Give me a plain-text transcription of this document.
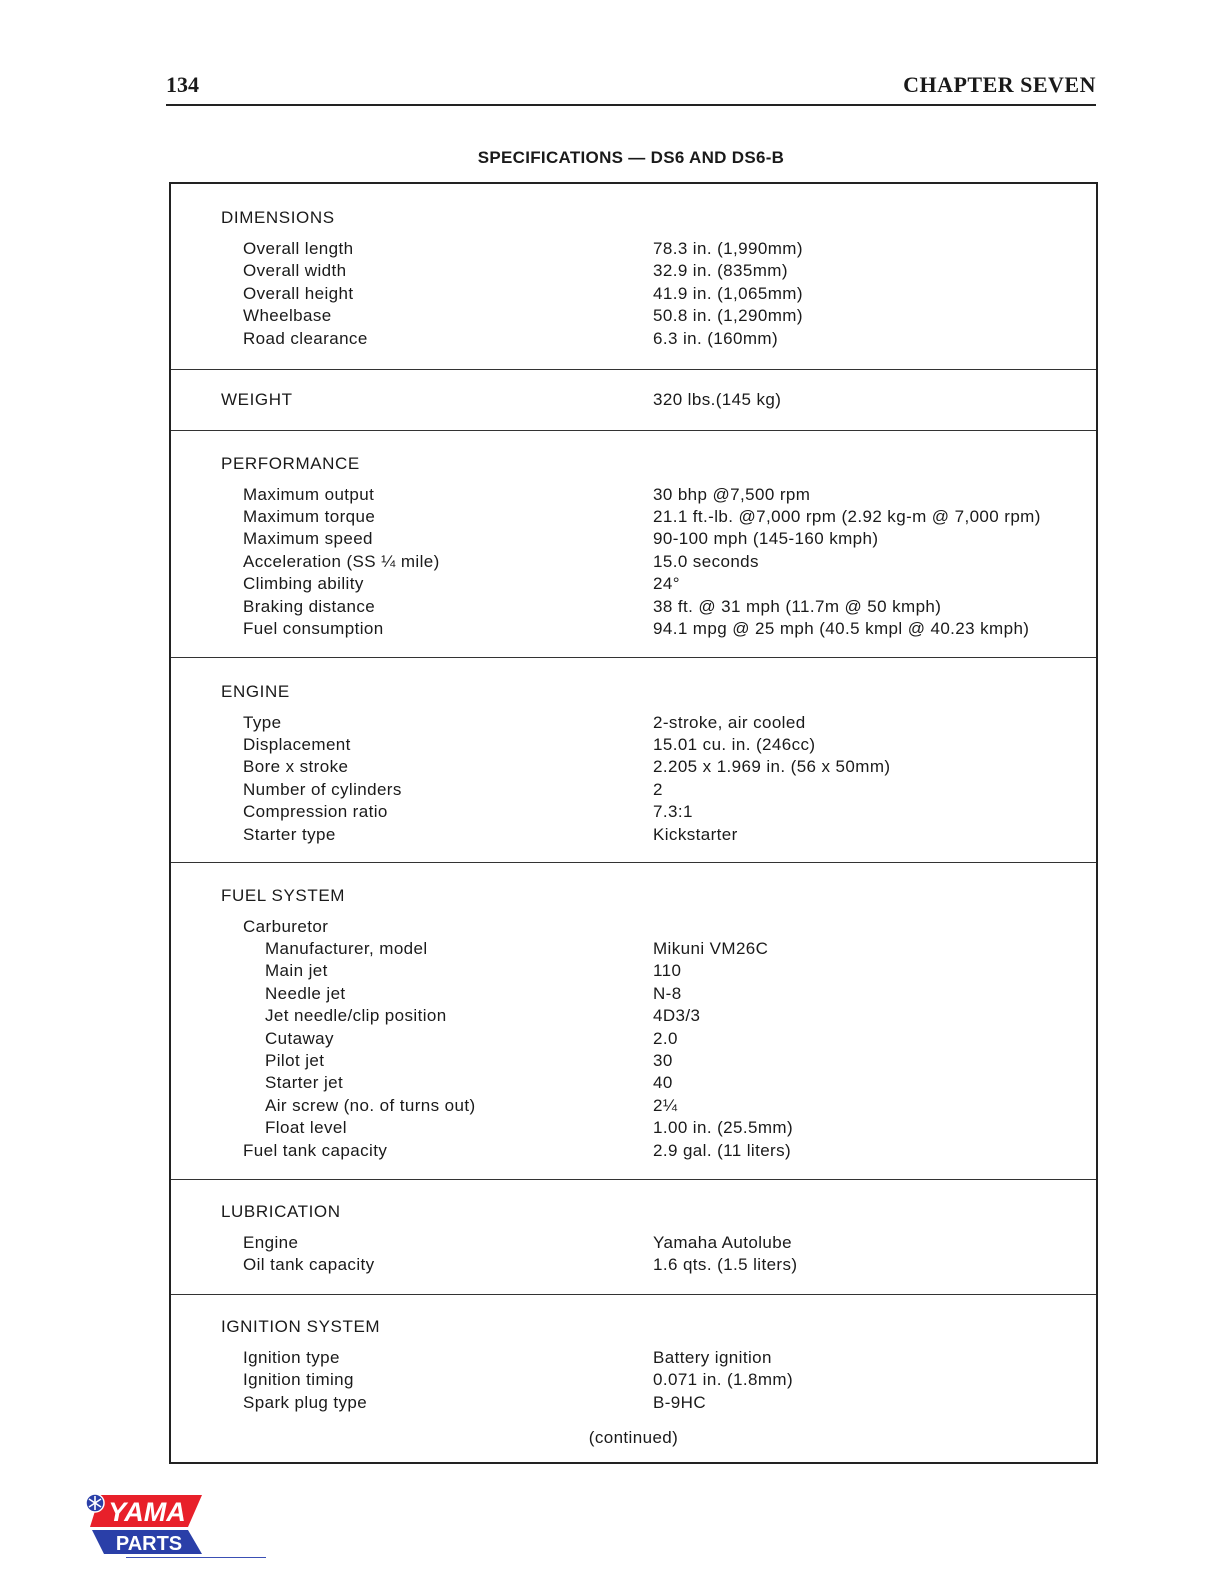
134	CHAPTER SEVEN
SPECIFICATIONS — DS6 AND DS6-B
DIMENSIONS
Overall length	78.3 in. (1,990mm)
Overall width	32.9 in. (835mm)
Overall height	41.9 in. (1,065mm)
Wheelbase	50.8 in. (1,290mm)
Road clearance	6.3 in. (160mm)
WEIGHT	320 lbs.(145 kg)
PERFORMANCE
Maximum output	30 bhp @7,500 rpm
Maximum torque	21.1 ft.-lb. @7,000 rpm (2.92 kg-m @ 7,000 rpm)
Maximum speed	90-100 mph (145-160 kmph)
Acceleration (SS ¼ mile)	15.0 seconds
Climbing ability	24°
Braking distance	38 ft. @ 31 mph (11.7m @ 50 kmph)
Fuel consumption	94.1 mpg @ 25 mph (40.5 kmpl @ 40.23 kmph)
ENGINE
Type	2-stroke, air cooled
Displacement	15.01 cu. in. (246cc)
Bore x stroke	2.205 x 1.969 in. (56 x 50mm)
Number of cylinders	2
Compression ratio	7.3:1
Starter type	Kickstarter
FUEL SYSTEM
Carburetor
Manufacturer, model	Mikuni VM26C
Main jet	110
Needle jet	N-8
Jet needle/clip position	4D3/3
Cutaway	2.0
Pilot jet	30
Starter jet	40
Air screw (no. of turns out)	2¼
Float level	1.00 in. (25.5mm)
Fuel tank capacity	2.9 gal. (11 liters)
LUBRICATION
Engine	Yamaha Autolube
Oil tank capacity	1.6 qts. (1.5 liters)
IGNITION SYSTEM
Ignition type	Battery ignition
Ignition timing	0.071 in. (1.8mm)
Spark plug type	B-9HC
(continued)
YAMA
PARTS
